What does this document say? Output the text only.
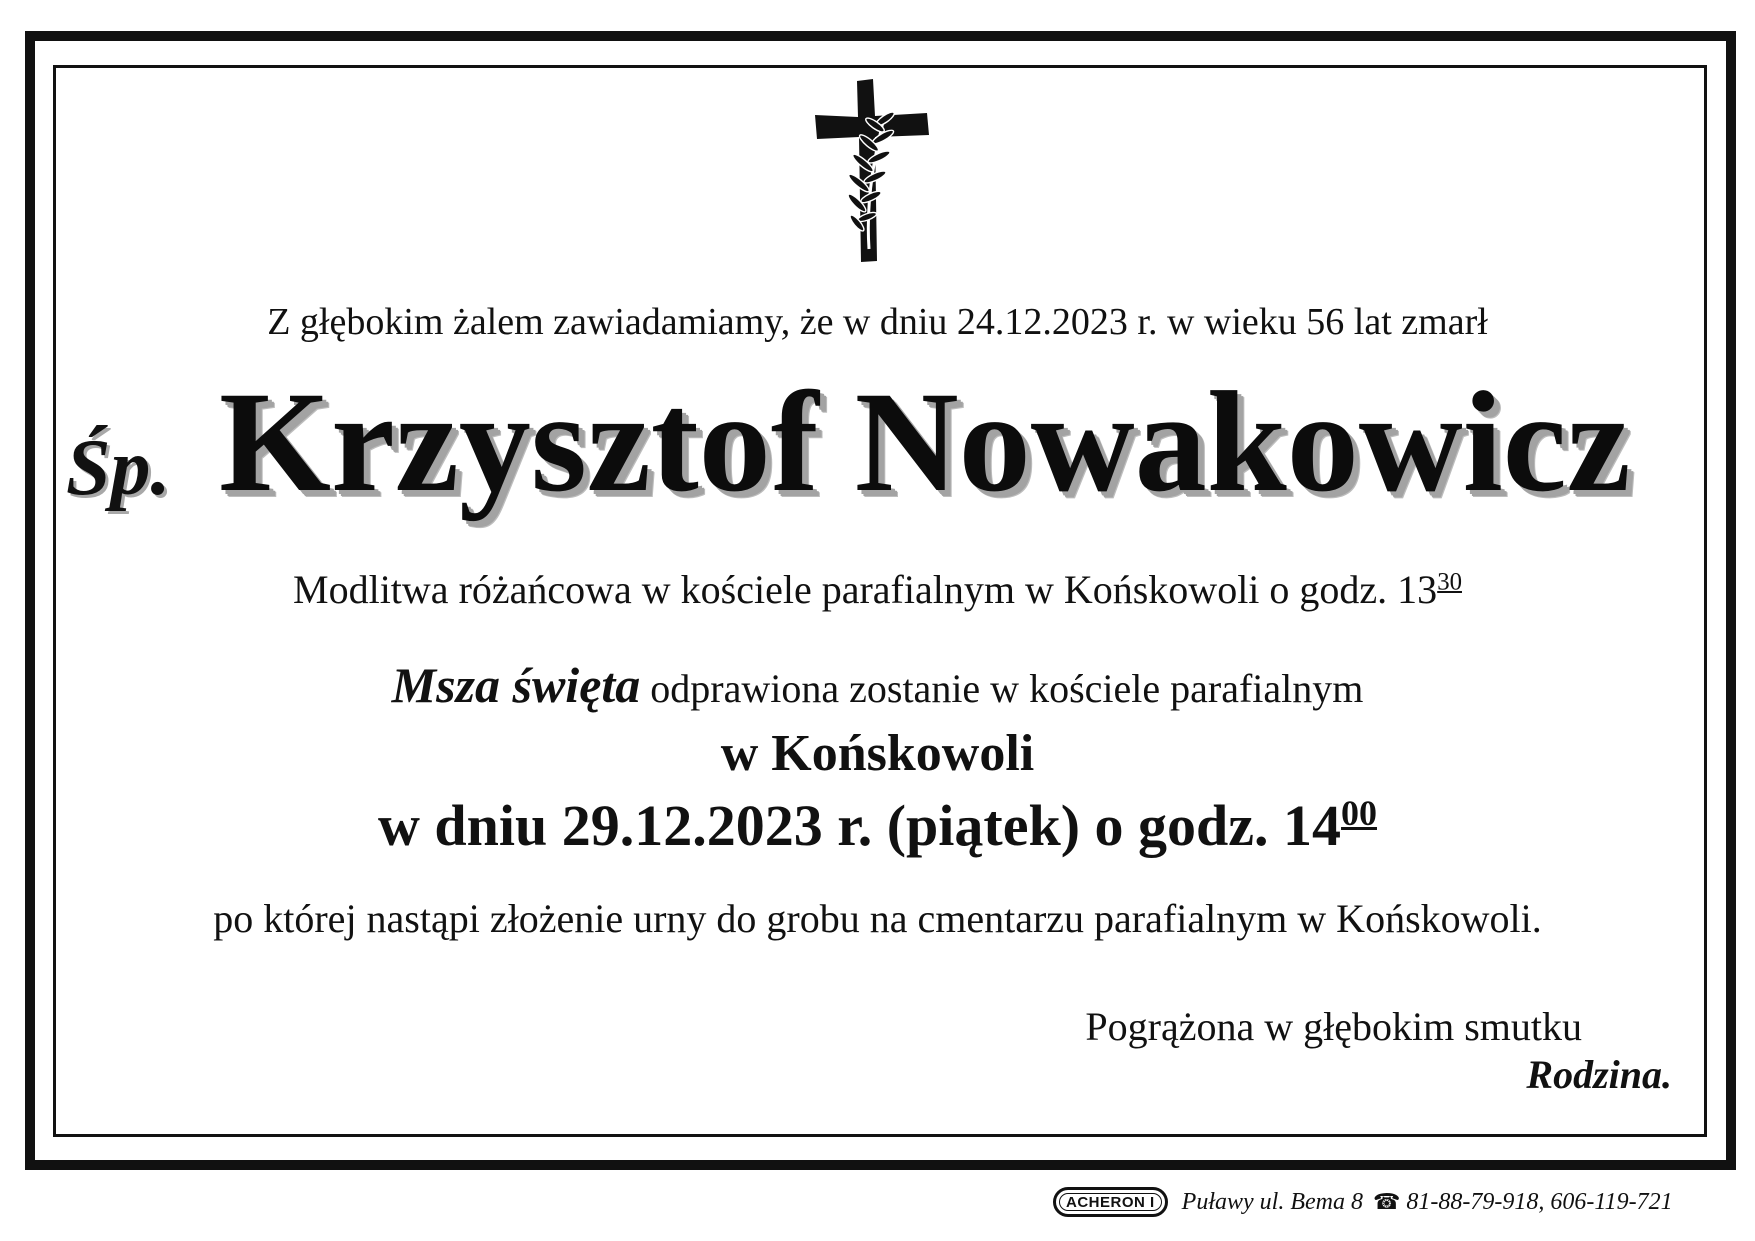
Z głębokim żalem zawiadamiamy, że w dniu 24.12.2023 r. w wieku 56 lat zmarł
Śp. Krzysztof Nowakowicz
Modlitwa różańcowa w kościele parafialnym w Końskowoli o godz. $13^{30}$
Msza święta odprawiona zostanie w kościele parafialnym
w Końskowoli
w dniu 29.12.2023 r. (piątek) o godz. $14^{00}$
po której nastąpi złożenie urny do grobu na cmentarzu parafialnym w Końskowoli.
Pogrążona w głębokim smutku
Rodzina.
ACHERON I	Puławy ul. Bema 8
☎ 81-88-79-918, 606-119-721
